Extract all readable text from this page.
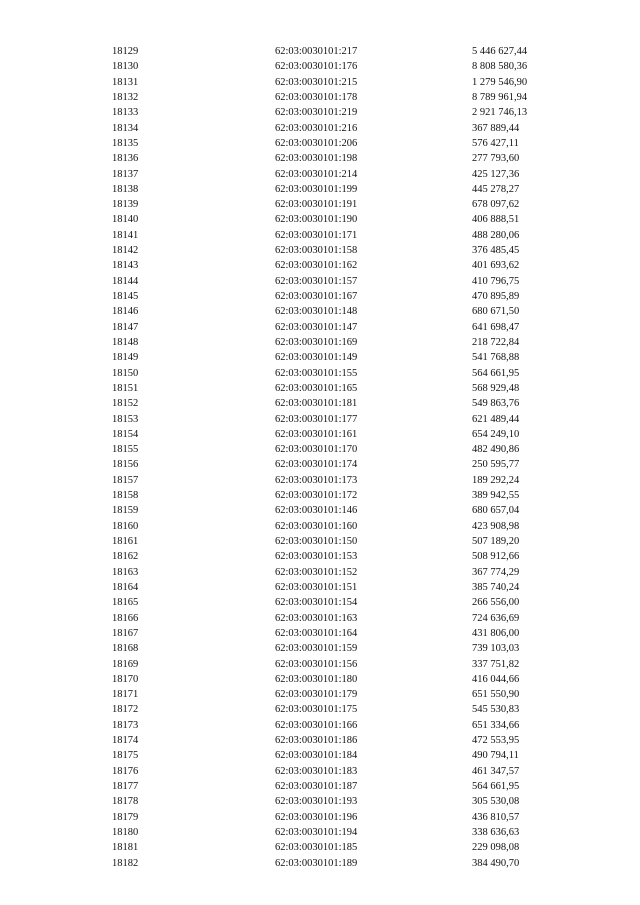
18129	62:03:0030101:217	5 446 627,44
18130	62:03:0030101:176	8 808 580,36
18131	62:03:0030101:215	1 279 546,90
18132	62:03:0030101:178	8 789 961,94
18133	62:03:0030101:219	2 921 746,13
18134	62:03:0030101:216	367 889,44
18135	62:03:0030101:206	576 427,11
18136	62:03:0030101:198	277 793,60
18137	62:03:0030101:214	425 127,36
18138	62:03:0030101:199	445 278,27
18139	62:03:0030101:191	678 097,62
18140	62:03:0030101:190	406 888,51
18141	62:03:0030101:171	488 280,06
18142	62:03:0030101:158	376 485,45
18143	62:03:0030101:162	401 693,62
18144	62:03:0030101:157	410 796,75
18145	62:03:0030101:167	470 895,89
18146	62:03:0030101:148	680 671,50
18147	62:03:0030101:147	641 698,47
18148	62:03:0030101:169	218 722,84
18149	62:03:0030101:149	541 768,88
18150	62:03:0030101:155	564 661,95
18151	62:03:0030101:165	568 929,48
18152	62:03:0030101:181	549 863,76
18153	62:03:0030101:177	621 489,44
18154	62:03:0030101:161	654 249,10
18155	62:03:0030101:170	482 490,86
18156	62:03:0030101:174	250 595,77
18157	62:03:0030101:173	189 292,24
18158	62:03:0030101:172	389 942,55
18159	62:03:0030101:146	680 657,04
18160	62:03:0030101:160	423 908,98
18161	62:03:0030101:150	507 189,20
18162	62:03:0030101:153	508 912,66
18163	62:03:0030101:152	367 774,29
18164	62:03:0030101:151	385 740,24
18165	62:03:0030101:154	266 556,00
18166	62:03:0030101:163	724 636,69
18167	62:03:0030101:164	431 806,00
18168	62:03:0030101:159	739 103,03
18169	62:03:0030101:156	337 751,82
18170	62:03:0030101:180	416 044,66
18171	62:03:0030101:179	651 550,90
18172	62:03:0030101:175	545 530,83
18173	62:03:0030101:166	651 334,66
18174	62:03:0030101:186	472 553,95
18175	62:03:0030101:184	490 794,11
18176	62:03:0030101:183	461 347,57
18177	62:03:0030101:187	564 661,95
18178	62:03:0030101:193	305 530,08
18179	62:03:0030101:196	436 810,57
18180	62:03:0030101:194	338 636,63
18181	62:03:0030101:185	229 098,08
18182	62:03:0030101:189	384 490,70
